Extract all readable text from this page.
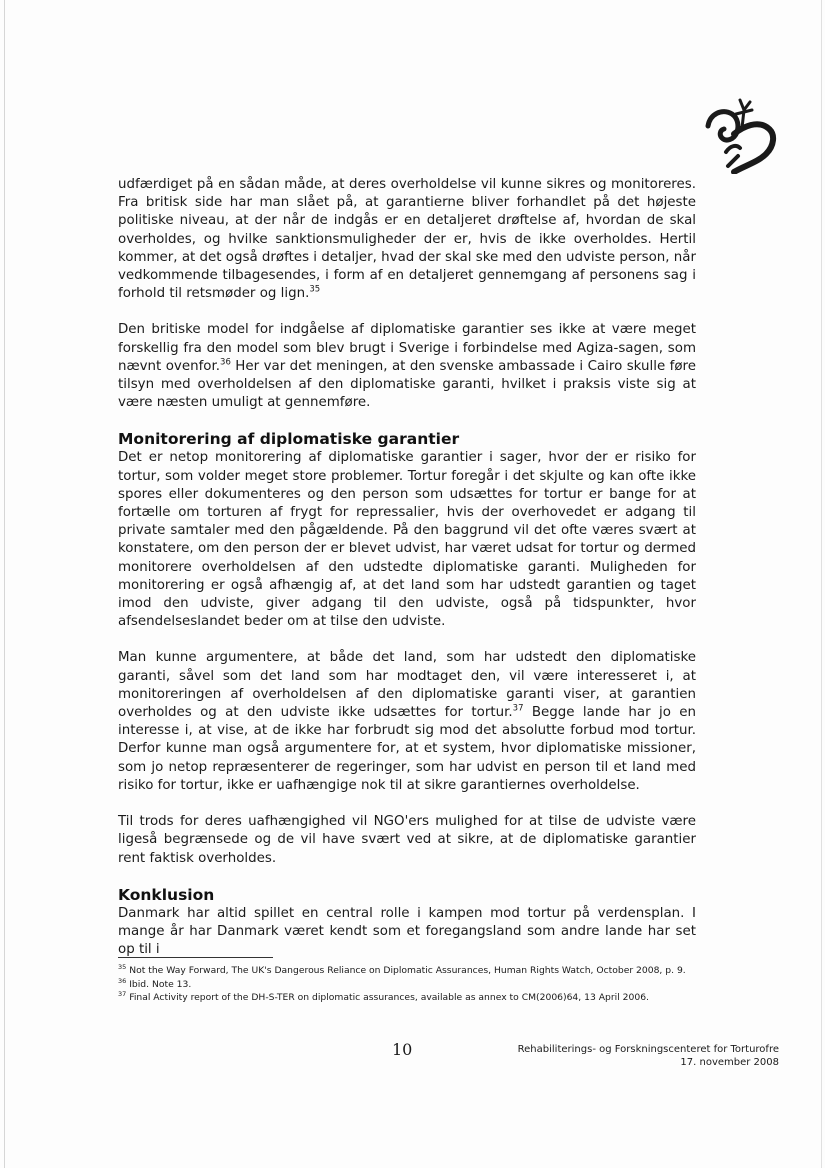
udfærdiget på en sådan måde, at deres overholdelse vil kunne sikres og monitoreres. Fra britisk side har man slået på, at garantierne bliver forhandlet på det højeste politiske niveau, at der når de indgås er en detaljeret drøftelse af, hvordan de skal overholdes, og hvilke sanktionsmuligheder der er, hvis de ikke overholdes. Hertil kommer, at det også drøftes i detaljer, hvad der skal ske med den udviste person, når vedkommende tilbagesendes, i form af en detaljeret gennemgang af personens sag i forhold til retsmøder og lign.$^{35}$

Den britiske model for indgåelse af diplomatiske garantier ses ikke at være meget forskellig fra den model som blev brugt i Sverige i forbindelse med Agiza-sagen, som nævnt ovenfor.$^{36}$ Her var det meningen, at den svenske ambassade i Cairo skulle føre tilsyn med overholdelsen af den diplomatiske garanti, hvilket i praksis viste sig at være næsten umuligt at gennemføre.

Monitorering af diplomatiske garantier

Det er netop monitorering af diplomatiske garantier i sager, hvor der er risiko for tortur, som volder meget store problemer. Tortur foregår i det skjulte og kan ofte ikke spores eller dokumenteres og den person som udsættes for tortur er bange for at fortælle om torturen af frygt for repressalier, hvis der overhovedet er adgang til private samtaler med den pågældende. På den baggrund vil det ofte væres svært at konstatere, om den person der er blevet udvist, har været udsat for tortur og dermed monitorere overholdelsen af den udstedte diplomatiske garanti. Muligheden for monitorering er også afhængig af, at det land som har udstedt garantien og taget imod den udviste, giver adgang til den udviste, også på tidspunkter, hvor afsendelseslandet beder om at tilse den udviste.

Man kunne argumentere, at både det land, som har udstedt den diplomatiske garanti, såvel som det land som har modtaget den, vil være interesseret i, at monitoreringen af overholdelsen af den diplomatiske garanti viser, at garantien overholdes og at den udviste ikke udsættes for tortur.$^{37}$ Begge lande har jo en interesse i, at vise, at de ikke har forbrudt sig mod det absolutte forbud mod tortur. Derfor kunne man også argumentere for, at et system, hvor diplomatiske missioner, som jo netop repræsenterer de regeringer, som har udvist en person til et land med risiko for tortur, ikke er uafhængige nok til at sikre garantiernes overholdelse.

Til trods for deres uafhængighed vil NGO'ers mulighed for at tilse de udviste være ligeså begrænsede og de vil have svært ved at sikre, at de diplomatiske garantier rent faktisk overholdes.

Konklusion

Danmark har altid spillet en central rolle i kampen mod tortur på verdensplan. I mange år har Danmark været kendt som et foregangsland som andre lande har set op til i

$^{35}$ Not the Way Forward, The UK's Dangerous Reliance on Diplomatic Assurances, Human Rights Watch, October 2008, p. 9.

$^{36}$ Ibid. Note 13.

$^{37}$ Final Activity report of the DH-S-TER on diplomatic assurances, available as annex to CM(2006)64, 13 April 2006.

10	Rehabiliterings- og Forskningscenteret for Torturofre
17. november 2008
